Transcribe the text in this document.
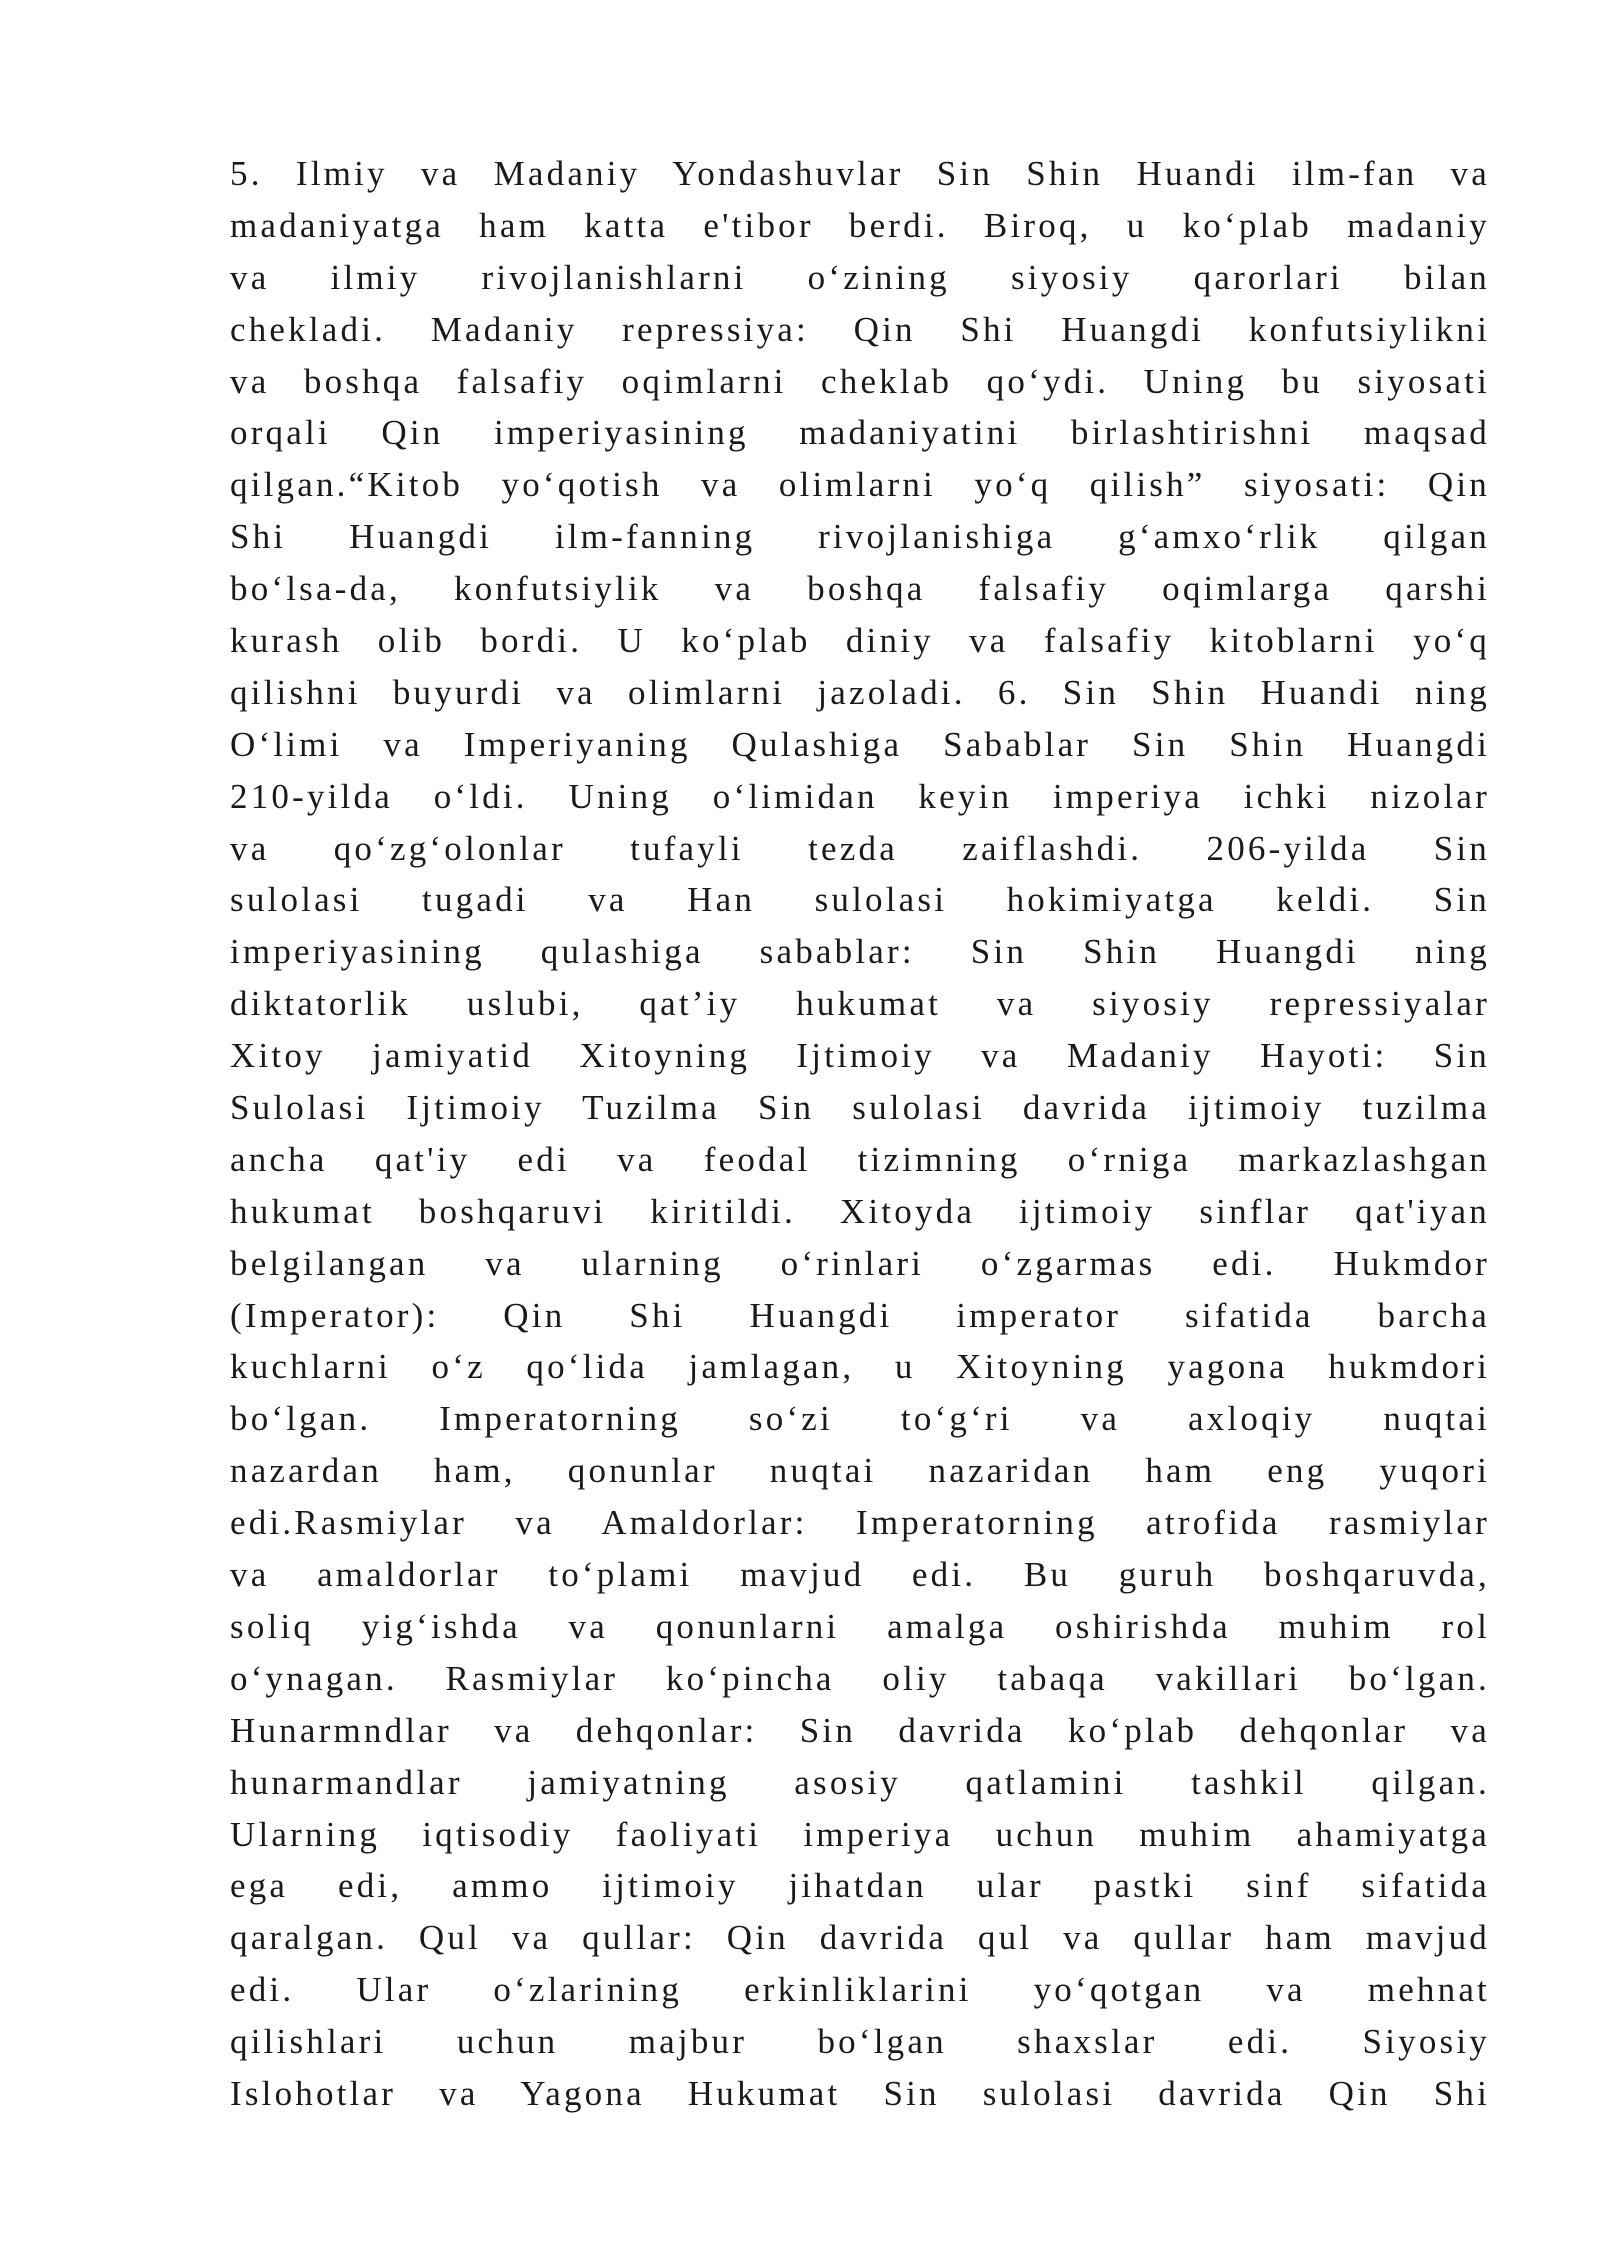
5. Ilmiy va Madaniy Yondashuvlar Sin Shin Huandi ilm-fan va
madaniyatga ham katta e'tibor berdi. Biroq, u ko‘plab madaniy
va ilmiy rivojlanishlarni o‘zining siyosiy qarorlari bilan
chekladi. Madaniy repressiya: Qin Shi Huangdi konfutsiylikni
va boshqa falsafiy oqimlarni cheklab qo‘ydi. Uning bu siyosati
orqali Qin imperiyasining madaniyatini birlashtirishni maqsad
qilgan.“Kitob yo‘qotish va olimlarni yo‘q qilish” siyosati: Qin
Shi Huangdi ilm-fanning rivojlanishiga g‘amxo‘rlik qilgan
bo‘lsa-da, konfutsiylik va boshqa falsafiy oqimlarga qarshi
kurash olib bordi. U ko‘plab diniy va falsafiy kitoblarni yo‘q
qilishni buyurdi va olimlarni jazoladi. 6. Sin Shin Huandi ning
O‘limi va Imperiyaning Qulashiga Sabablar Sin Shin Huangdi
210-yilda o‘ldi. Uning o‘limidan keyin imperiya ichki nizolar
va qo‘zg‘olonlar tufayli tezda zaiflashdi. 206-yilda Sin
sulolasi tugadi va Han sulolasi hokimiyatga keldi. Sin
imperiyasining qulashiga sabablar: Sin Shin Huangdi ning
diktatorlik uslubi, qat’iy hukumat va siyosiy repressiyalar
Xitoy jamiyatid Xitoyning Ijtimoiy va Madaniy Hayoti: Sin
Sulolasi Ijtimoiy Tuzilma Sin sulolasi davrida ijtimoiy tuzilma
ancha qat'iy edi va feodal tizimning o‘rniga markazlashgan
hukumat boshqaruvi kiritildi. Xitoyda ijtimoiy sinflar qat'iyan
belgilangan va ularning o‘rinlari o‘zgarmas edi. Hukmdor
(Imperator): Qin Shi Huangdi imperator sifatida barcha
kuchlarni o‘z qo‘lida jamlagan, u Xitoyning yagona hukmdori
bo‘lgan. Imperatorning so‘zi to‘g‘ri va axloqiy nuqtai
nazardan ham, qonunlar nuqtai nazaridan ham eng yuqori
edi.Rasmiylar va Amaldorlar: Imperatorning atrofida rasmiylar
va amaldorlar to‘plami mavjud edi. Bu guruh boshqaruvda,
soliq yig‘ishda va qonunlarni amalga oshirishda muhim rol
o‘ynagan. Rasmiylar ko‘pincha oliy tabaqa vakillari bo‘lgan.
Hunarmndlar va dehqonlar: Sin davrida ko‘plab dehqonlar va
hunarmandlar jamiyatning asosiy qatlamini tashkil qilgan.
Ularning iqtisodiy faoliyati imperiya uchun muhim ahamiyatga
ega edi, ammo ijtimoiy jihatdan ular pastki sinf sifatida
qaralgan. Qul va qullar: Qin davrida qul va qullar ham mavjud
edi. Ular o‘zlarining erkinliklarini yo‘qotgan va mehnat
qilishlari uchun majbur bo‘lgan shaxslar edi. Siyosiy
Islohotlar va Yagona Hukumat Sin sulolasi davrida Qin Shi
